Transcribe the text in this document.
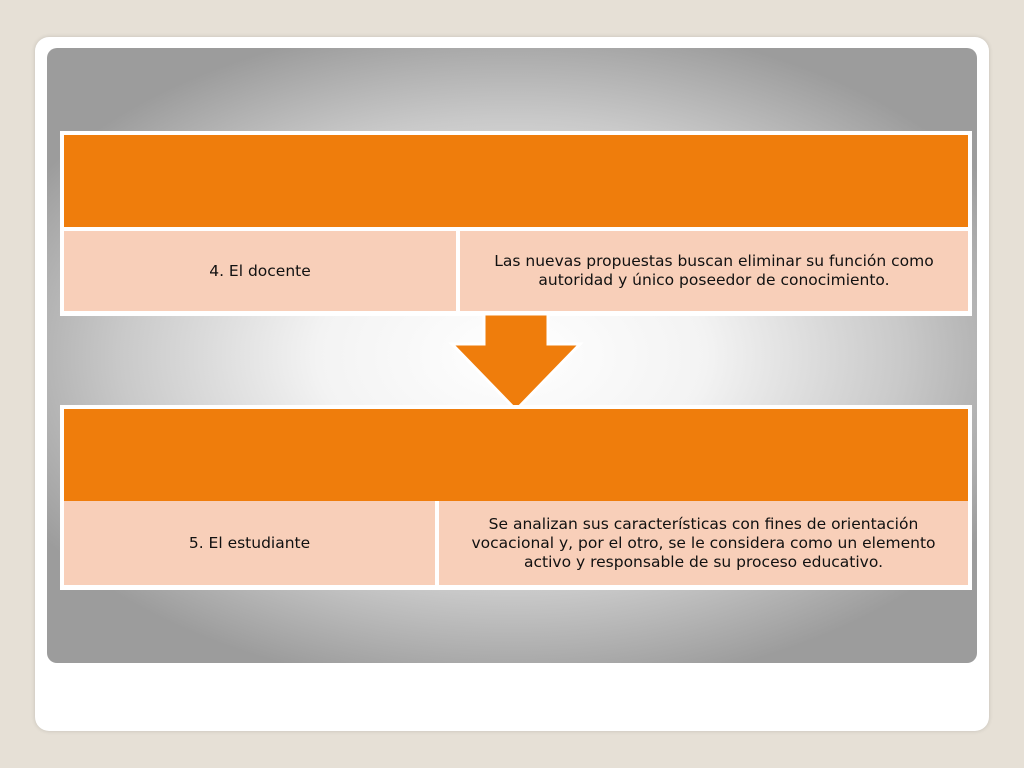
4. El docente
Las nuevas propuestas buscan eliminar su función como autoridad y único poseedor de conocimiento.
5. El estudiante
Se analizan sus características con fines de orientación vocacional y, por el otro, se le considera como un elemento activo y responsable de su proceso educativo.
